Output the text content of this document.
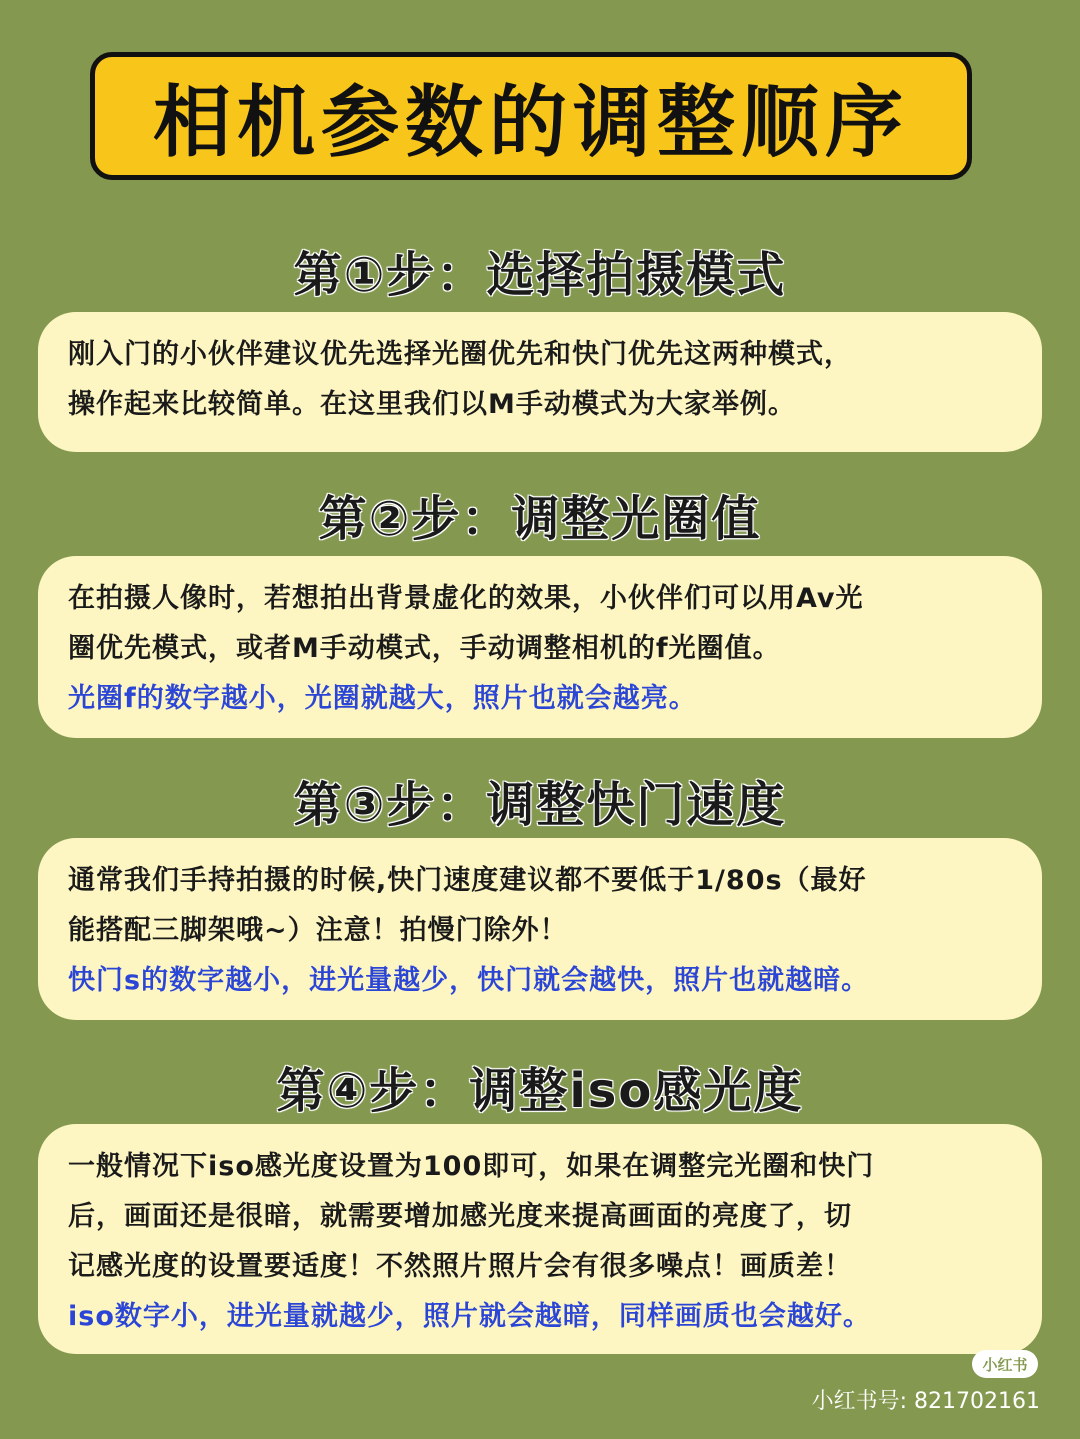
相机参数的调整顺序
第①步：选择拍摄模式
刚入门的小伙伴建议优先选择光圈优先和快门优先这两种模式，
操作起来比较简单。在这里我们以M手动模式为大家举例。
第②步：调整光圈值
在拍摄人像时，若想拍出背景虚化的效果，小伙伴们可以用Av光
圈优先模式，或者M手动模式，手动调整相机的f光圈值。
光圈f的数字越小，光圈就越大，照片也就会越亮。
第③步：调整快门速度
通常我们手持拍摄的时候,快门速度建议都不要低于1/80s（最好
能搭配三脚架哦~）注意！拍慢门除外！
快门s的数字越小，进光量越少，快门就会越快，照片也就越暗。
第④步：调整iso感光度
一般情况下iso感光度设置为100即可，如果在调整完光圈和快门
后，画面还是很暗，就需要增加感光度来提高画面的亮度了，切
记感光度的设置要适度！不然照片照片会有很多噪点！画质差！
iso数字小，进光量就越少，照片就会越暗，同样画质也会越好。
小红书
小红书号: 821702161
